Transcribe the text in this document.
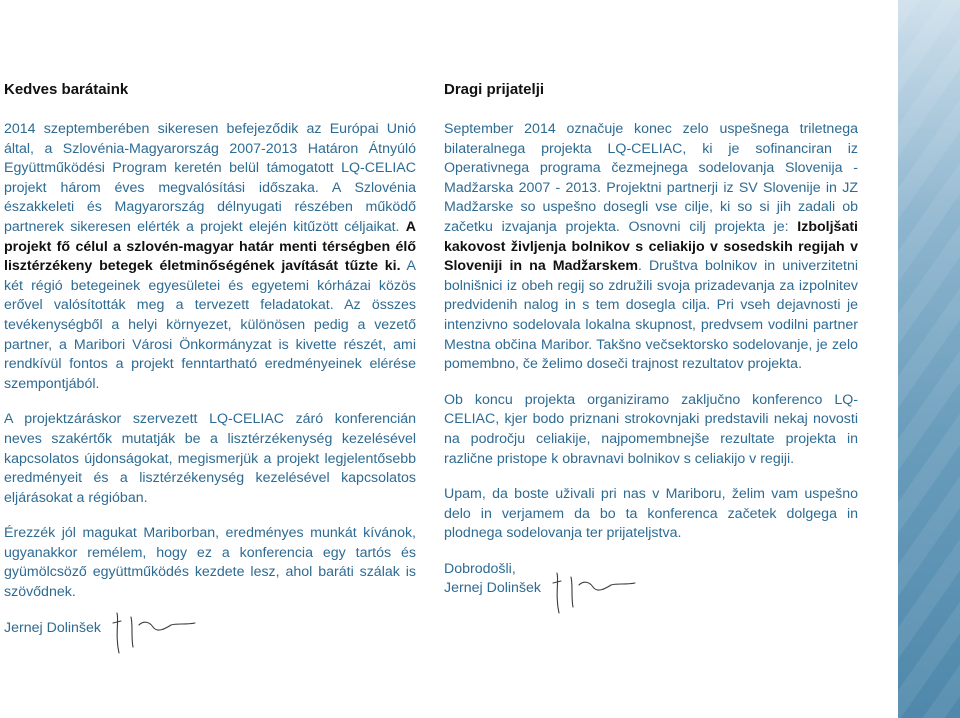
Kedves barátaink

2014 szeptemberében sikeresen befejeződik az Európai Unió által, a Szlovénia-Magyarország 2007-2013 Határon Átnyúló Együttműködési Program keretén belül támogatott LQ-CELIAC projekt három éves megvalósítási időszaka. A Szlovénia északkeleti és Magyarország délnyugati részében működő partnerek sikeresen elérték a projekt elején kitűzött céljaikat. A projekt fő célul a szlovén-magyar határ menti térségben élő lisztérzékeny betegek életminőségének javítását tűzte ki. A két régió betegeinek egyesületei és egyetemi kórházai közös erővel valósították meg a tervezett feladatokat. Az összes tevékenységből a helyi környezet, különösen pedig a vezető partner, a Maribori Városi Önkormányzat is kivette részét, ami rendkívül fontos a projekt fenntartható eredményeinek elérése szempontjából.

A projektzáráskor szervezett LQ-CELIAC záró konferencián neves szakértők mutatják be a lisztérzékenység kezelésével kapcsolatos újdonságokat, megismerjük a projekt legjelentősebb eredményeit és a lisztérzékenység kezelésével kapcsolatos eljárásokat a régióban.

Érezzék jól magukat Mariborban, eredményes munkát kívánok, ugyanakkor remélem, hogy ez a konferencia egy tartós és gyümölcsöző együttműködés kezdete lesz, ahol baráti szálak is szövődnek.

Jernej Dolinšek
Dragi prijatelji

September 2014 označuje konec zelo uspešnega triletnega bilateralnega projekta LQ-CELIAC, ki je sofinanciran iz Operativnega programa čezmejnega sodelovanja Slovenija - Madžarska 2007 - 2013. Projektni partnerji iz SV Slovenije in JZ Madžarske so uspešno dosegli vse cilje, ki so si jih zadali ob začetku izvajanja projekta. Osnovni cilj projekta je: Izboljšati kakovost življenja bolnikov s celiakijo v sosedskih regijah v Sloveniji in na Madžarskem. Društva bolnikov in univerzitetni bolnišnici iz obeh regij so združili svoja prizadevanja za izpolnitev predvidenih nalog in s tem dosegla cilja. Pri vseh dejavnosti je intenzivno sodelovala lokalna skupnost, predvsem vodilni partner Mestna občina Maribor. Takšno večsektorsko sodelovanje, je zelo pomembno, če želimo doseči trajnost rezultatov projekta.

Ob koncu projekta organiziramo zaključno konferenco LQ-CELIAC, kjer bodo priznani strokovnjaki predstavili nekaj novosti na področju celiakije, najpomembnejše rezultate projekta in različne pristope k obravnavi bolnikov s celiakijo v regiji.

Upam, da boste uživali pri nas v Mariboru, želim vam uspešno delo in verjamem da bo ta konferenca začetek dolgega in plodnega sodelovanja ter prijateljstva.

Dobrodošli,
Jernej Dolinšek
